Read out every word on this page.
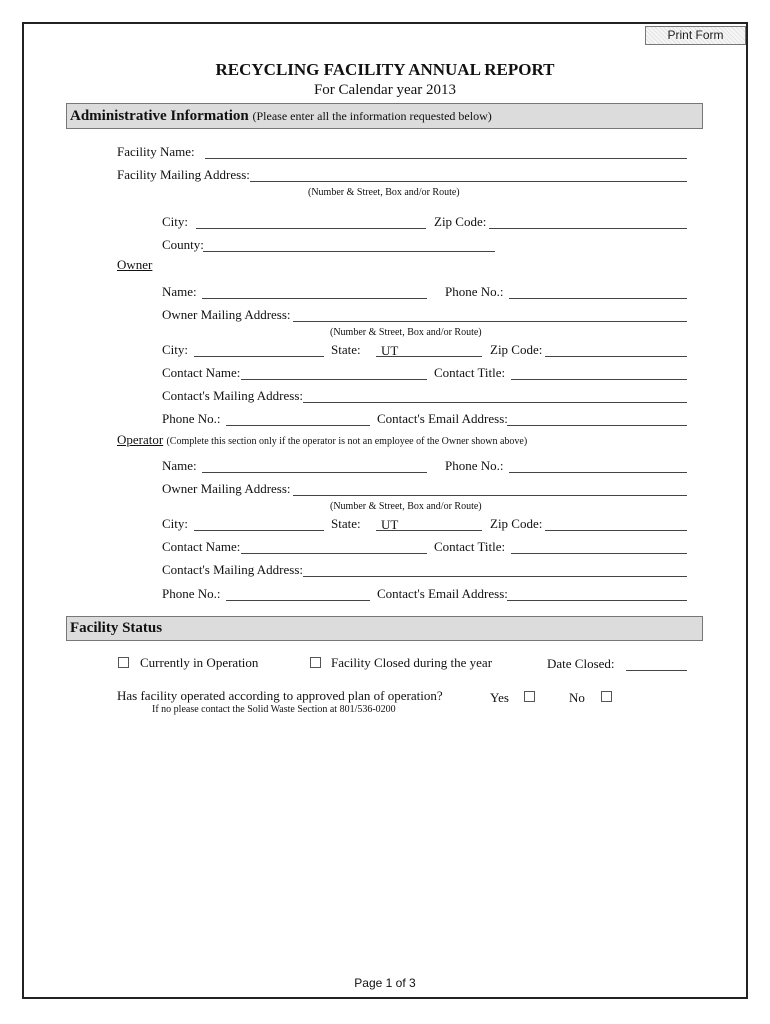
Print Form
RECYCLING FACILITY ANNUAL REPORT
For Calendar year 2013
Administrative Information (Please enter all the information requested below)
Facility Name:
Facility Mailing Address:
(Number & Street, Box and/or Route)
City:	Zip Code:
County:
Owner
Name:	Phone No.:
Owner Mailing Address:
(Number & Street, Box and/or Route)
City:	State: UT	Zip Code:
Contact Name:	Contact Title:
Contact's Mailing Address:
Phone No.:	Contact's Email Address:
Operator (Complete this section only if the operator is not an employee of the Owner shown above)
Name:	Phone No.:
Owner Mailing Address:
(Number & Street, Box and/or Route)
City:	State: UT	Zip Code:
Contact Name:	Contact Title:
Contact's Mailing Address:
Phone No.:	Contact's Email Address:
Facility Status
Currently in Operation	Facility Closed during the year	Date Closed:
Has facility operated according to approved plan of operation?	Yes	No
If no please contact the Solid Waste Section at 801/536-0200
Page 1 of 3
